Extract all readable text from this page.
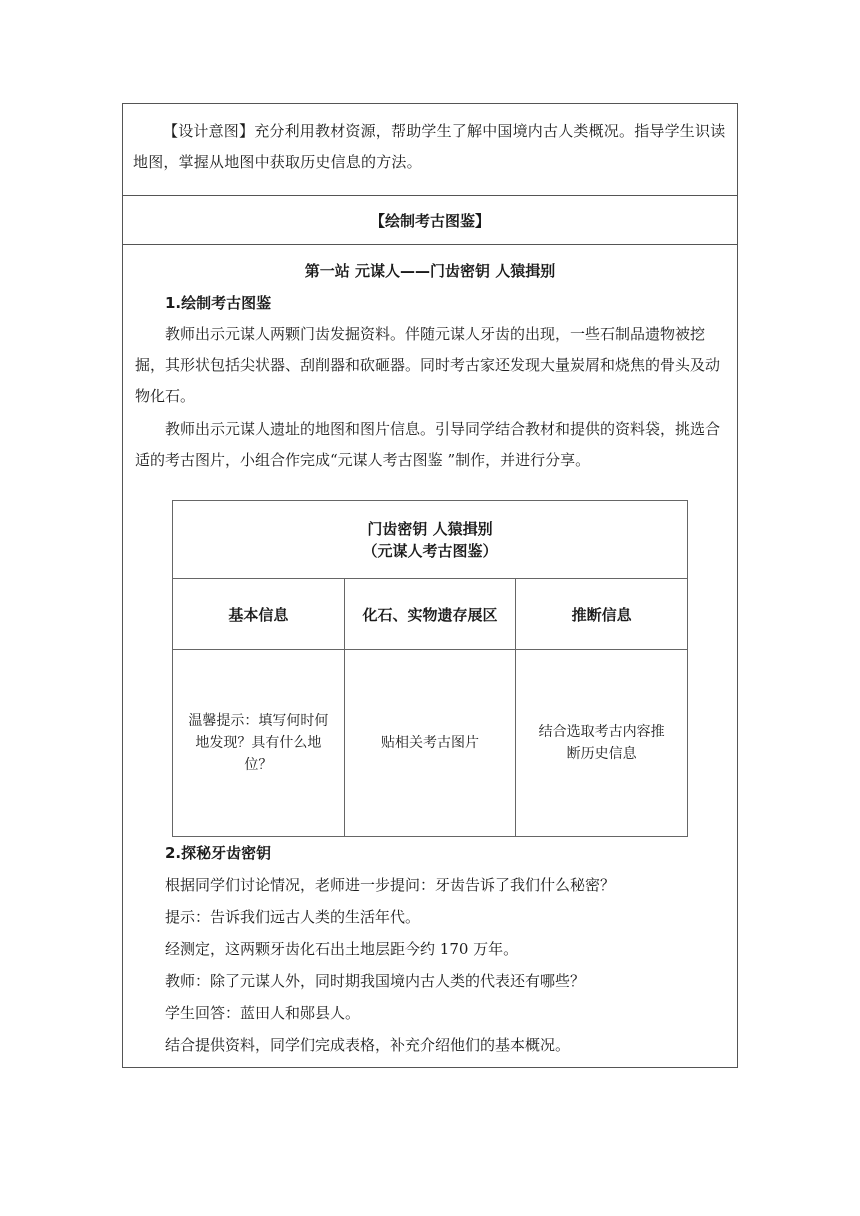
【设计意图】充分利用教材资源，帮助学生了解中国境内古人类概况。指导学生识读地图，掌握从地图中获取历史信息的方法。

【绘制考古图鉴】
第一站 元谋人——门齿密钥 人猿揖别
1.绘制考古图鉴

教师出示元谋人两颗门齿发掘资料。伴随元谋人牙齿的出现，一些石制品遗物被挖掘，其形状包括尖状器、刮削器和砍砸器。同时考古家还发现大量炭屑和烧焦的骨头及动物化石。

教师出示元谋人遗址的地图和图片信息。引导同学结合教材和提供的资料袋，挑选合适的考古图片，小组合作完成“元谋人考古图鉴 ”制作，并进行分享。

门齿密钥 人猿揖别
（元谋人考古图鉴）		

基本信息	化石、实物遗存展区	推断信息
温馨提示：填写何时何地发现？具有什么地位？	贴相关考古图片	结合选取考古内容推断历史信息
2.探秘牙齿密钥

根据同学们讨论情况，老师进一步提问：牙齿告诉了我们什么秘密？

提示：告诉我们远古人类的生活年代。

经测定，这两颗牙齿化石出土地层距今约 170 万年。

教师：除了元谋人外，同时期我国境内古人类的代表还有哪些？

学生回答：蓝田人和郧县人。

结合提供资料，同学们完成表格，补充介绍他们的基本概况。
